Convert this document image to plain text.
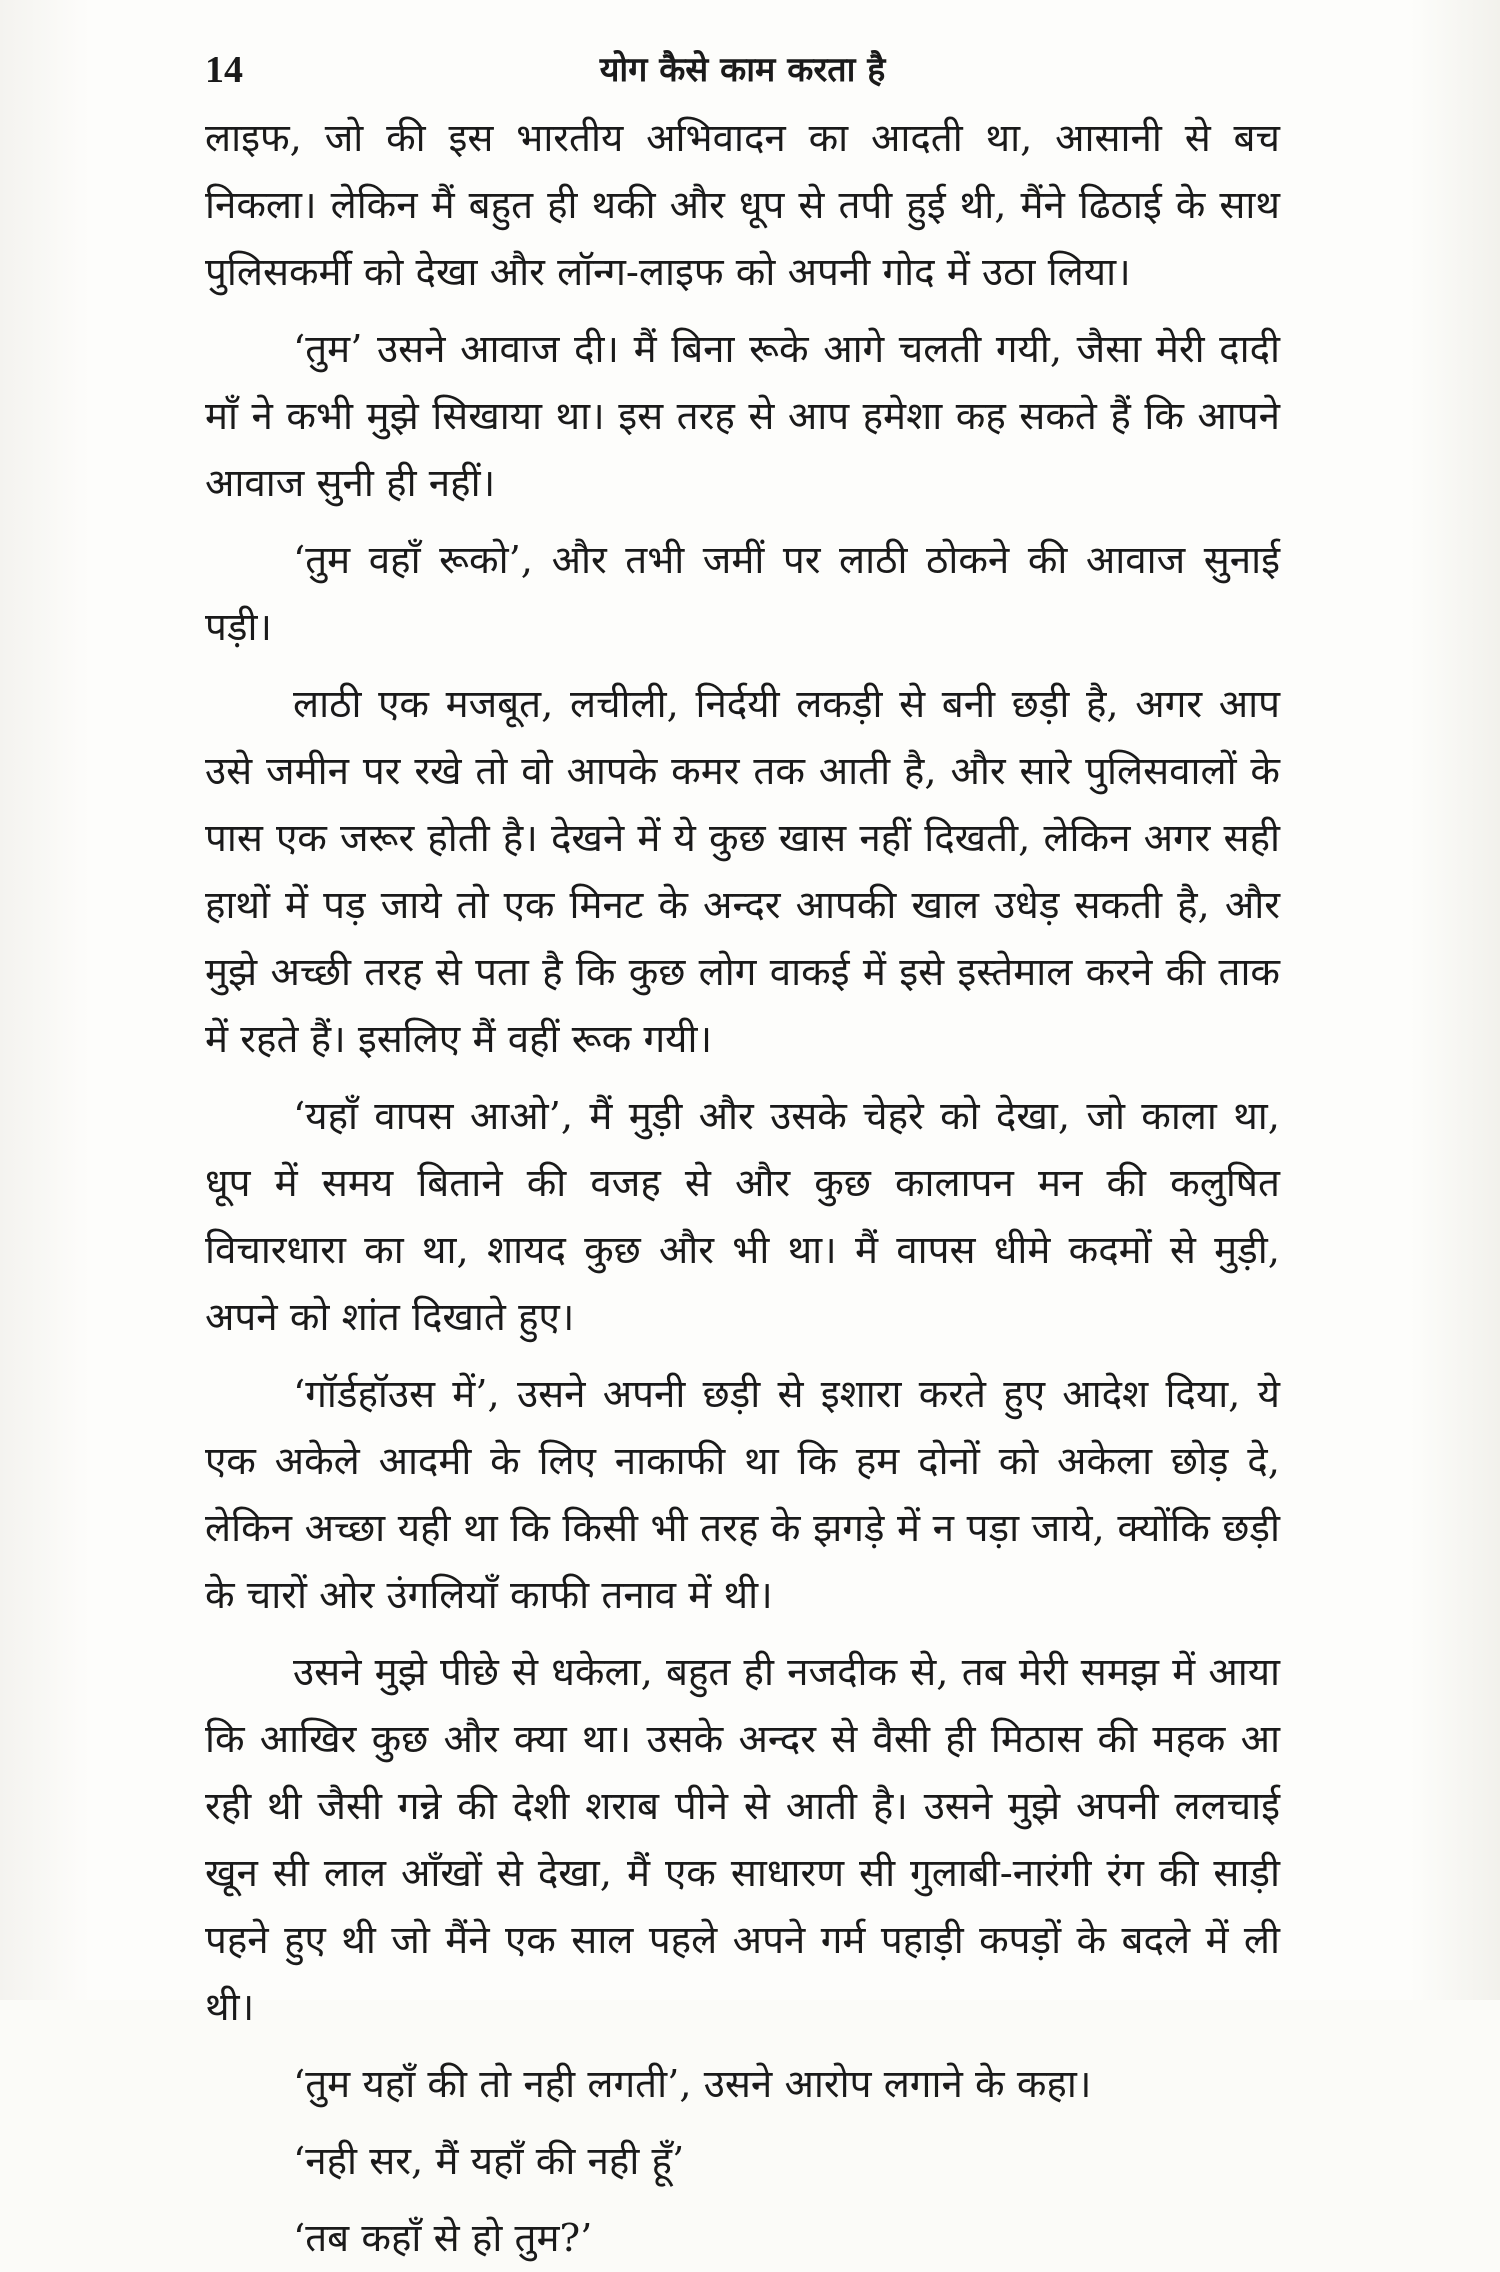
14	योग कैसे काम करता है

लाइफ, जो की इस भारतीय अभिवादन का आदती था, आसानी से बच निकला। लेकिन मैं बहुत ही थकी और धूप से तपी हुई थी, मैंने ढिठाई के साथ पुलिसकर्मी को देखा और लॉन्ग-लाइफ को अपनी गोद में उठा लिया।

‘तुम’ उसने आवाज दी। मैं बिना रूके आगे चलती गयी, जैसा मेरी दादी माँ ने कभी मुझे सिखाया था। इस तरह से आप हमेशा कह सकते हैं कि आपने आवाज सुनी ही नहीं।

‘तुम वहाँ रूको’, और तभी जमीं पर लाठी ठोकने की आवाज सुनाई पड़ी।

लाठी एक मजबूत, लचीली, निर्दयी लकड़ी से बनी छड़ी है, अगर आप उसे जमीन पर रखे तो वो आपके कमर तक आती है, और सारे पुलिसवालों के पास एक जरूर होती है। देखने में ये कुछ खास नहीं दिखती, लेकिन अगर सही हाथों में पड़ जाये तो एक मिनट के अन्दर आपकी खाल उधेड़ सकती है, और मुझे अच्छी तरह से पता है कि कुछ लोग वाकई में इसे इस्तेमाल करने की ताक में रहते हैं। इसलिए मैं वहीं रूक गयी।

‘यहाँ वापस आओ’, मैं मुड़ी और उसके चेहरे को देखा, जो काला था, धूप में समय बिताने की वजह से और कुछ कालापन मन की कलुषित विचारधारा का था, शायद कुछ और भी था। मैं वापस धीमे कदमों से मुड़ी, अपने को शांत दिखाते हुए।

‘गॉर्डहॉउस में’, उसने अपनी छड़ी से इशारा करते हुए आदेश दिया, ये एक अकेले आदमी के लिए नाकाफी था कि हम दोनों को अकेला छोड़ दे, लेकिन अच्छा यही था कि किसी भी तरह के झगड़े में न पड़ा जाये, क्योंकि छड़ी के चारों ओर उंगलियाँ काफी तनाव में थी।

उसने मुझे पीछे से धकेला, बहुत ही नजदीक से, तब मेरी समझ में आया कि आखिर कुछ और क्या था। उसके अन्दर से वैसी ही मिठास की महक आ रही थी जैसी गन्ने की देशी शराब पीने से आती है। उसने मुझे अपनी ललचाई खून सी लाल आँखों से देखा, मैं एक साधारण सी गुलाबी-नारंगी रंग की साड़ी पहने हुए थी जो मैंने एक साल पहले अपने गर्म पहाड़ी कपड़ों के बदले में ली थी।

‘तुम यहाँ की तो नही लगती’, उसने आरोप लगाने के कहा।

‘नही सर, मैं यहाँ की नही हूँ’

‘तब कहाँ से हो तुम?’
